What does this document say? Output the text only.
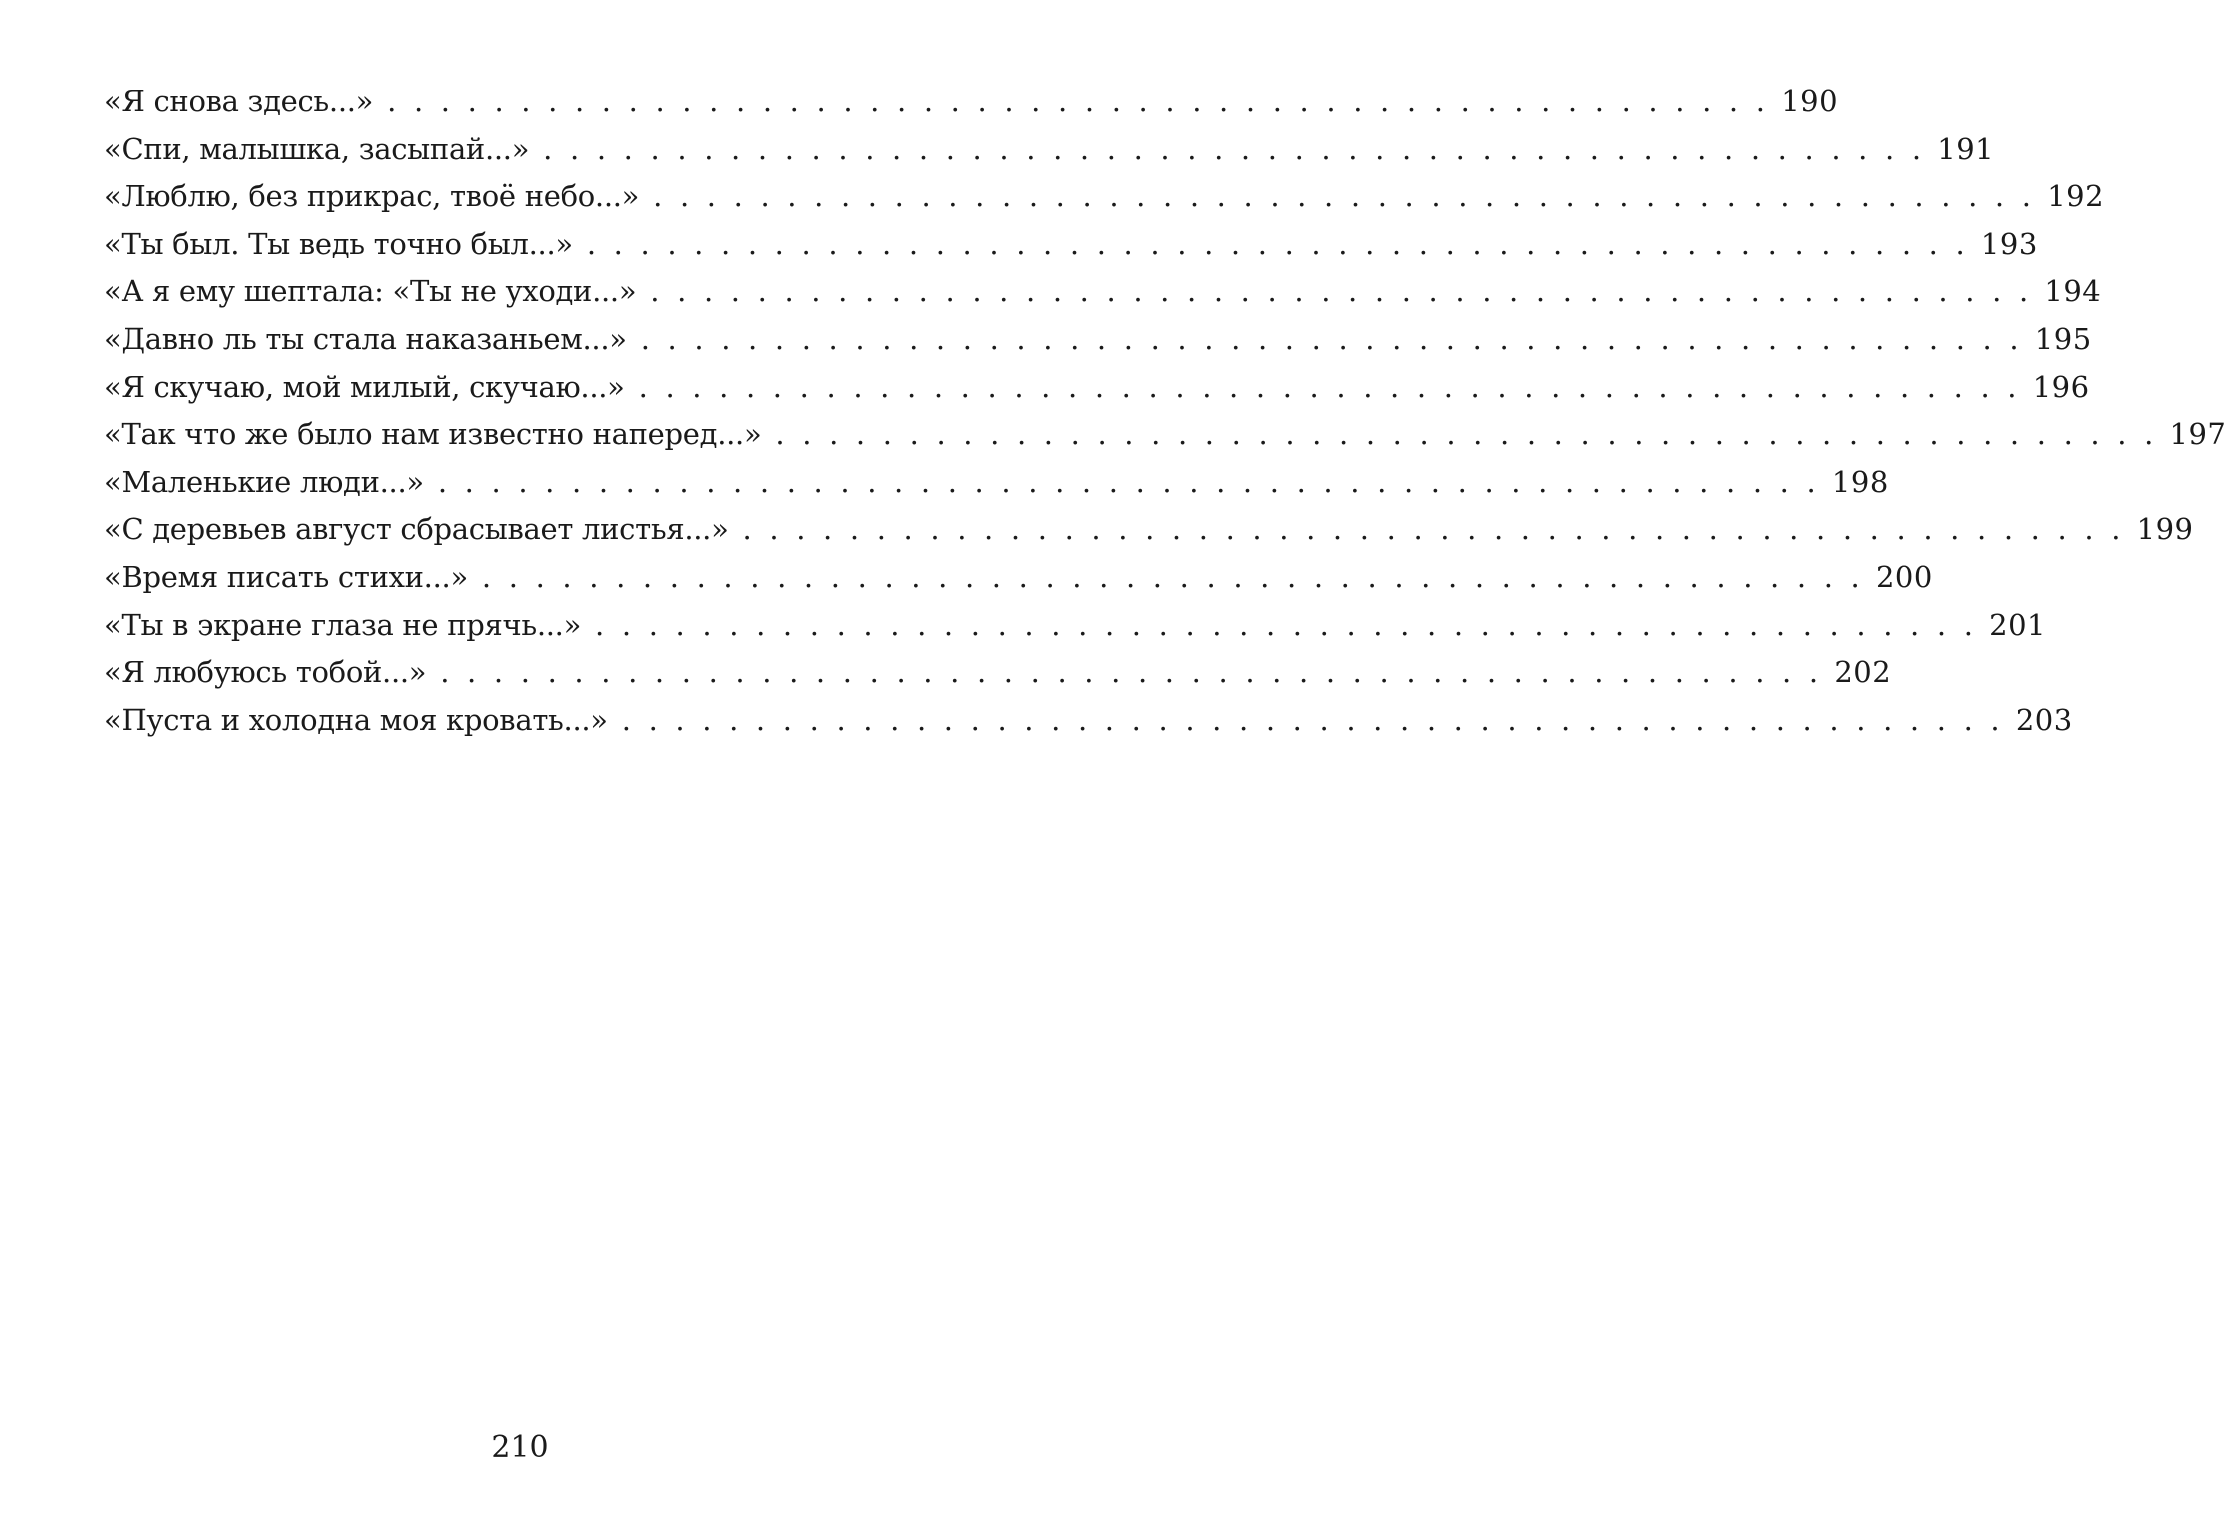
«Я снова здесь...» . . . . . . . . . . . . . . . . . . . . . . . . . . . . . . . . . . . . . . . . . . . . . . . . . . . . 190
«Спи, малышка, засыпай...» . . . . . . . . . . . . . . . . . . . . . . . . . . . . . . . . . . . . . . . . . . . . . . . . . . . . 191
«Люблю, без прикрас, твоё небо...» . . . . . . . . . . . . . . . . . . . . . . . . . . . . . . . . . . . . . . . . . . . . . . . . . . . . 192
«Ты был. Ты ведь точно был...» . . . . . . . . . . . . . . . . . . . . . . . . . . . . . . . . . . . . . . . . . . . . . . . . . . . . 193
«А я ему шептала: «Ты не уходи...» . . . . . . . . . . . . . . . . . . . . . . . . . . . . . . . . . . . . . . . . . . . . . . . . . . . . 194
«Давно ль ты стала наказаньем...» . . . . . . . . . . . . . . . . . . . . . . . . . . . . . . . . . . . . . . . . . . . . . . . . . . . . 195
«Я скучаю, мой милый, скучаю...» . . . . . . . . . . . . . . . . . . . . . . . . . . . . . . . . . . . . . . . . . . . . . . . . . . . . 196
«Так что же было нам известно наперед...» . . . . . . . . . . . . . . . . . . . . . . . . . . . . . . . . . . . . . . . . . . . . . . . . . . . . 197
«Маленькие люди...» . . . . . . . . . . . . . . . . . . . . . . . . . . . . . . . . . . . . . . . . . . . . . . . . . . . . 198
«С деревьев август сбрасывает листья...» . . . . . . . . . . . . . . . . . . . . . . . . . . . . . . . . . . . . . . . . . . . . . . . . . . . . 199
«Время писать стихи...» . . . . . . . . . . . . . . . . . . . . . . . . . . . . . . . . . . . . . . . . . . . . . . . . . . . . 200
«Ты в экране глаза не прячь...» . . . . . . . . . . . . . . . . . . . . . . . . . . . . . . . . . . . . . . . . . . . . . . . . . . . . 201
«Я любуюсь тобой...» . . . . . . . . . . . . . . . . . . . . . . . . . . . . . . . . . . . . . . . . . . . . . . . . . . . . 202
«Пуста и холодна моя кровать...» . . . . . . . . . . . . . . . . . . . . . . . . . . . . . . . . . . . . . . . . . . . . . . . . . . . . 203
210
